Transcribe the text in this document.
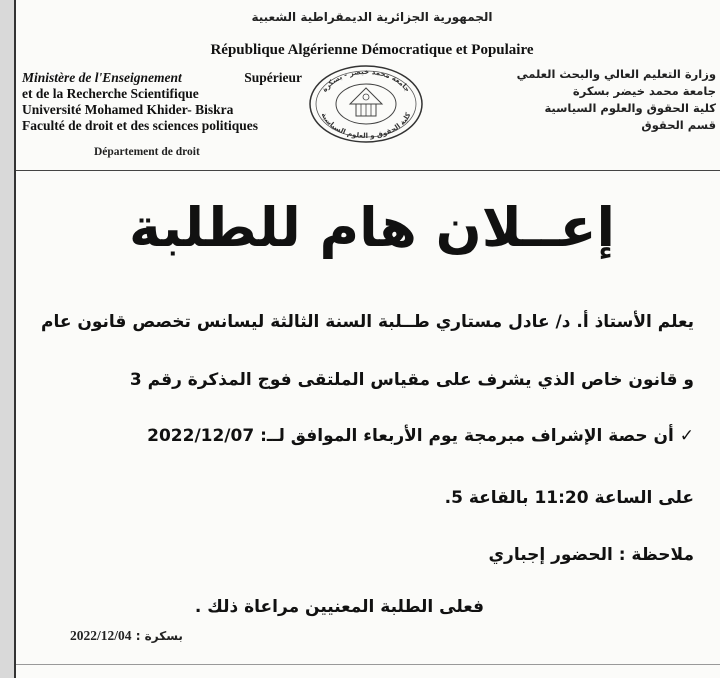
الجمهورية الجزائرية الديمقراطية الشعبية
République Algérienne Démocratique et Populaire
Ministère de l'Enseignement	Supérieur
et de la Recherche Scientifique
Université Mohamed Khider- Biskra
Faculté de droit et des sciences politiques
Département de droit
جامعة محمد خيضر - بسكرة
كلية الحقوق و العلوم السياسية
وزارة التعليم العالي والبحث العلمي
جامعة محمد خيضر بسكرة
كلية الحقوق والعلوم السياسية
قسم الحقوق
إعــلان هام للطلبة
يعلم الأستاذ أ. د/ عادل مستاري طــلبة السنة الثالثة ليسانس تخصص قانون عام
و قانون خاص الذي يشرف على مقياس الملتقى فوج المذكرة رقم 3
✓ أن حصة الإشراف مبرمجة يوم الأربعاء الموافق لــ: 2022/12/07
على الساعة 11:20 بالقاعة 5.
ملاحظة : الحضور إجباري
فعلى الطلبة المعنيين مراعاة ذلك .
بسكرة : 2022/12/04
